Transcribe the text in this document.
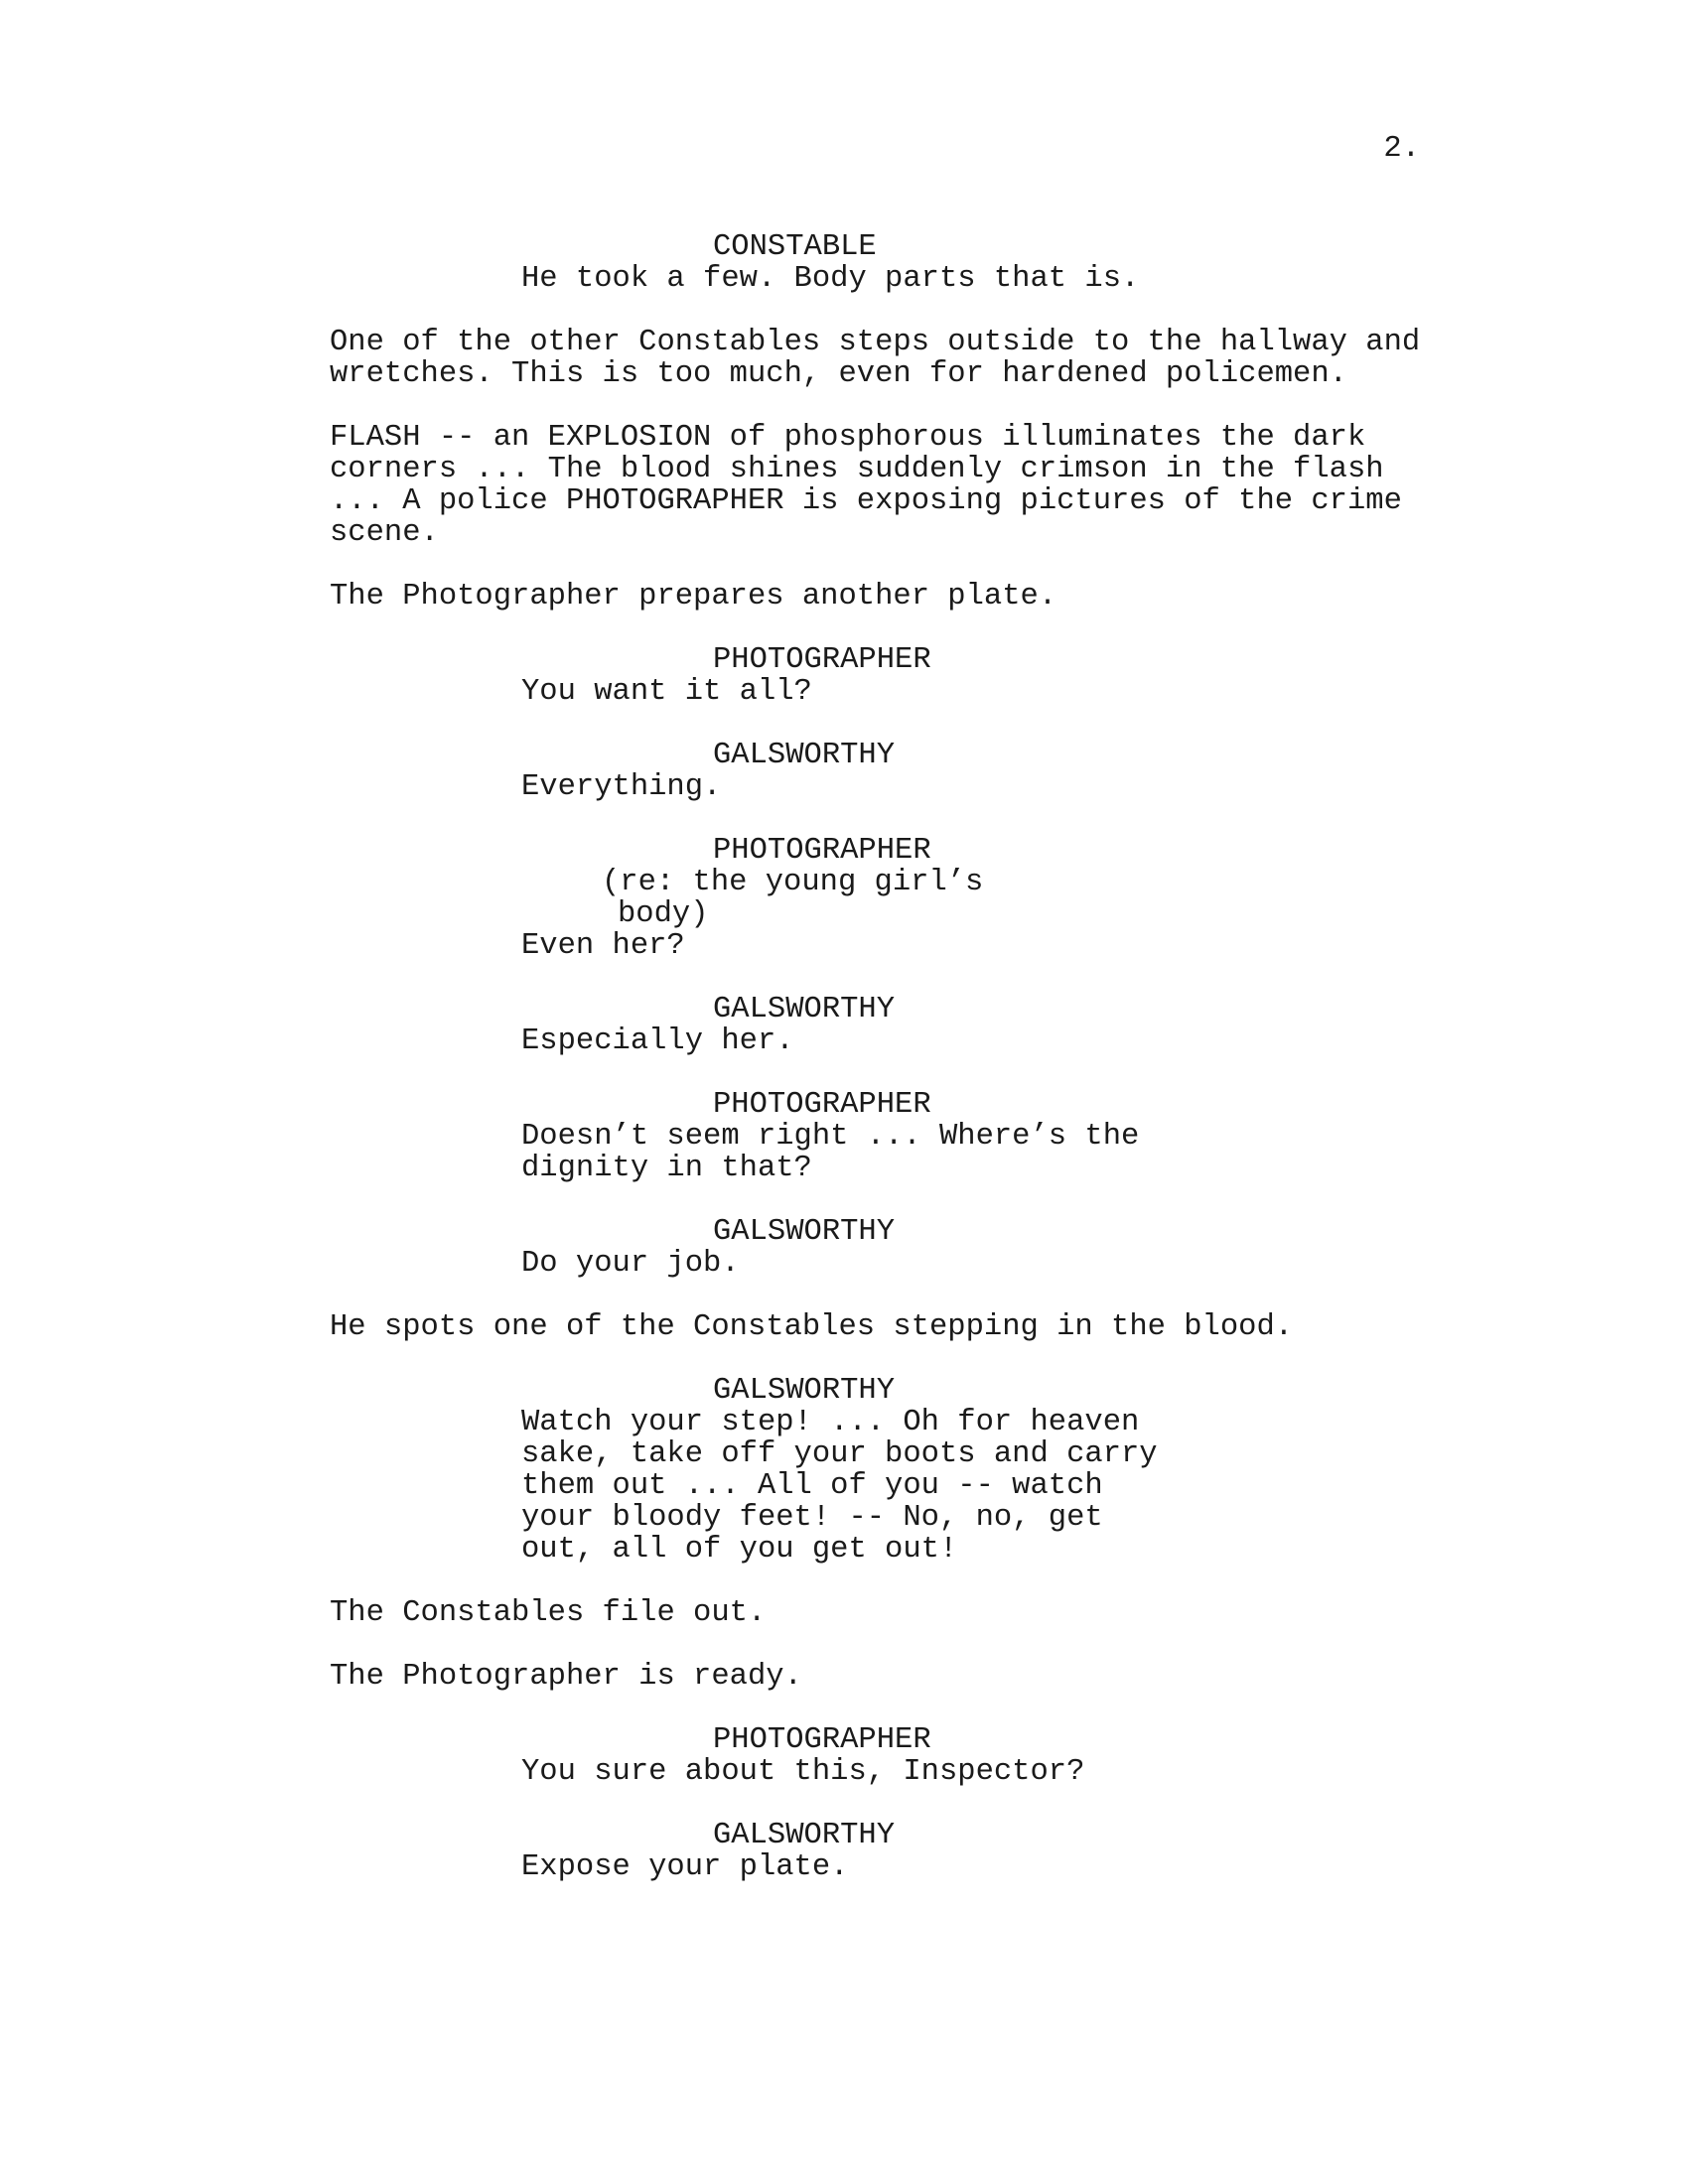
2.
CONSTABLE
He took a few. Body parts that is.
One of the other Constables steps outside to the hallway and
wretches. This is too much, even for hardened policemen.
FLASH -- an EXPLOSION of phosphorous illuminates the dark
corners ... The blood shines suddenly crimson in the flash
... A police PHOTOGRAPHER is exposing pictures of the crime
scene.
The Photographer prepares another plate.
PHOTOGRAPHER
You want it all?
GALSWORTHY
Everything.
PHOTOGRAPHER
(re: the young girl’s
body)
Even her?
GALSWORTHY
Especially her.
PHOTOGRAPHER
Doesn’t seem right ... Where’s the
dignity in that?
GALSWORTHY
Do your job.
He spots one of the Constables stepping in the blood.
GALSWORTHY
Watch your step! ... Oh for heaven
sake, take off your boots and carry
them out ... All of you -- watch
your bloody feet! -- No, no, get
out, all of you get out!
The Constables file out.
The Photographer is ready.
PHOTOGRAPHER
You sure about this, Inspector?
GALSWORTHY
Expose your plate.
